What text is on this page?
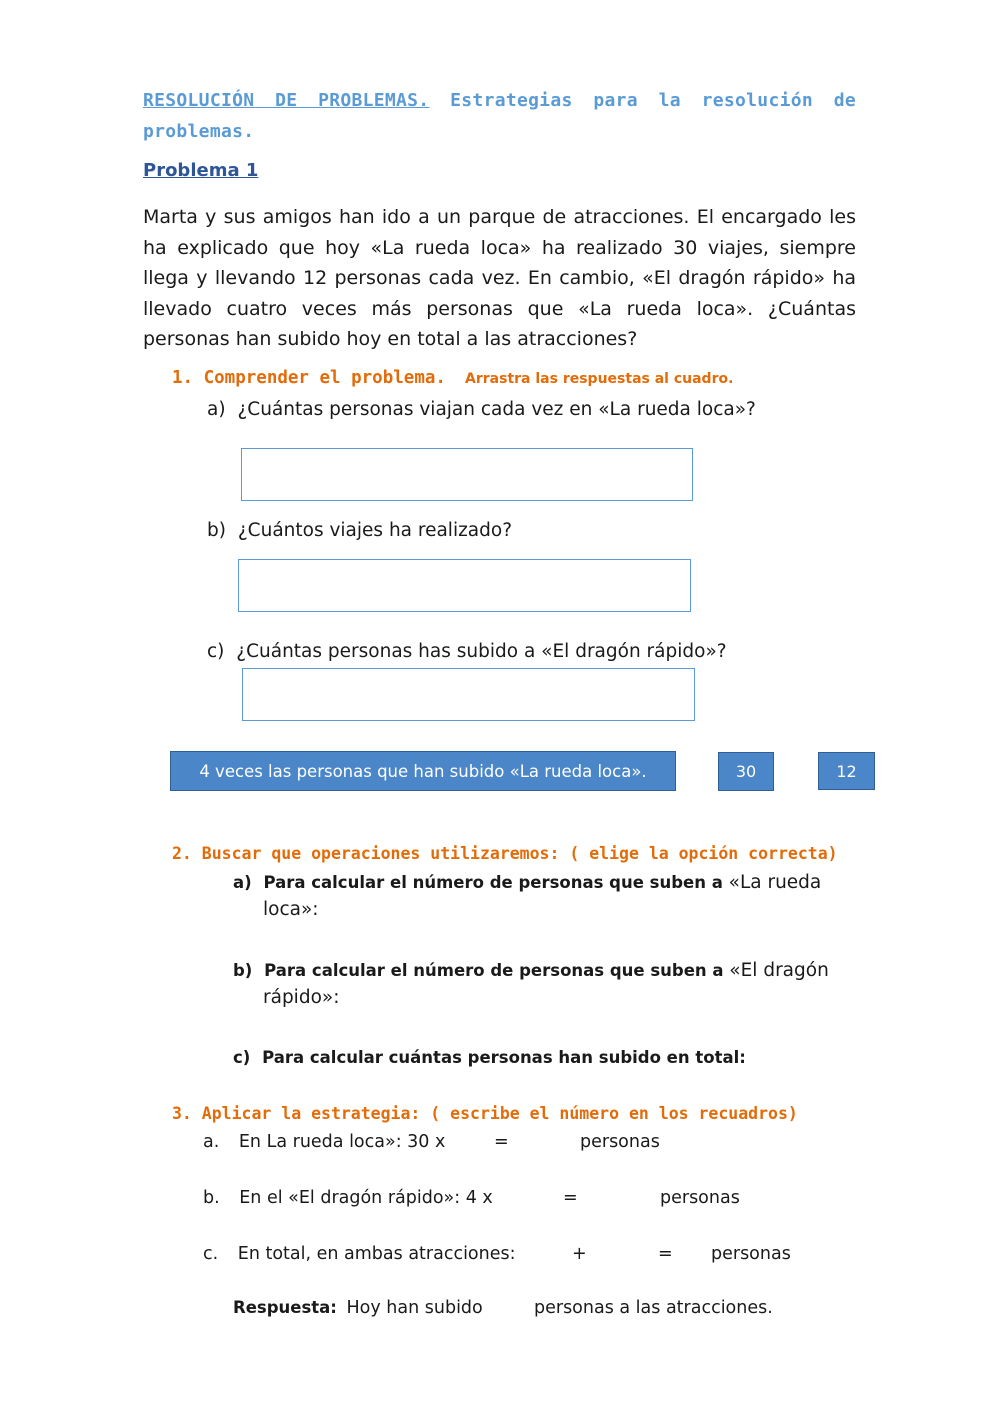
RESOLUCIÓN DE PROBLEMAS. Estrategias para la resolución de problemas.
Problema 1
Marta y sus amigos han ido a un parque de atracciones. El encargado les ha explicado que hoy «La rueda loca» ha realizado 30 viajes, siempre llega y llevando 12 personas cada vez. En cambio, «El dragón rápido» ha llevado cuatro veces más personas que «La rueda loca». ¿Cuántas personas han subido hoy en total a las atracciones?
1. Comprender el problema. Arrastra las respuestas al cuadro.
a) ¿Cuántas personas viajan cada vez en «La rueda loca»?
b) ¿Cuántos viajes ha realizado?
c) ¿Cuántas personas has subido a «El dragón rápido»?
4 veces las personas que han subido «La rueda loca».	30	12
2. Buscar que operaciones utilizaremos: ( elige la opción correcta)
a) Para calcular el número de personas que suben a «La rueda
loca»:
b) Para calcular el número de personas que suben a «El dragón
rápido»:
c) Para calcular cuántas personas han subido en total:
3. Aplicar la estrategia: ( escribe el número en los recuadros)
a. En La rueda loca»: 30 x	=	personas
b. En el «El dragón rápido»: 4 x	=	personas
c. En total, en ambas atracciones:	+	= personas
Respuesta: Hoy han subido	personas a las atracciones.
